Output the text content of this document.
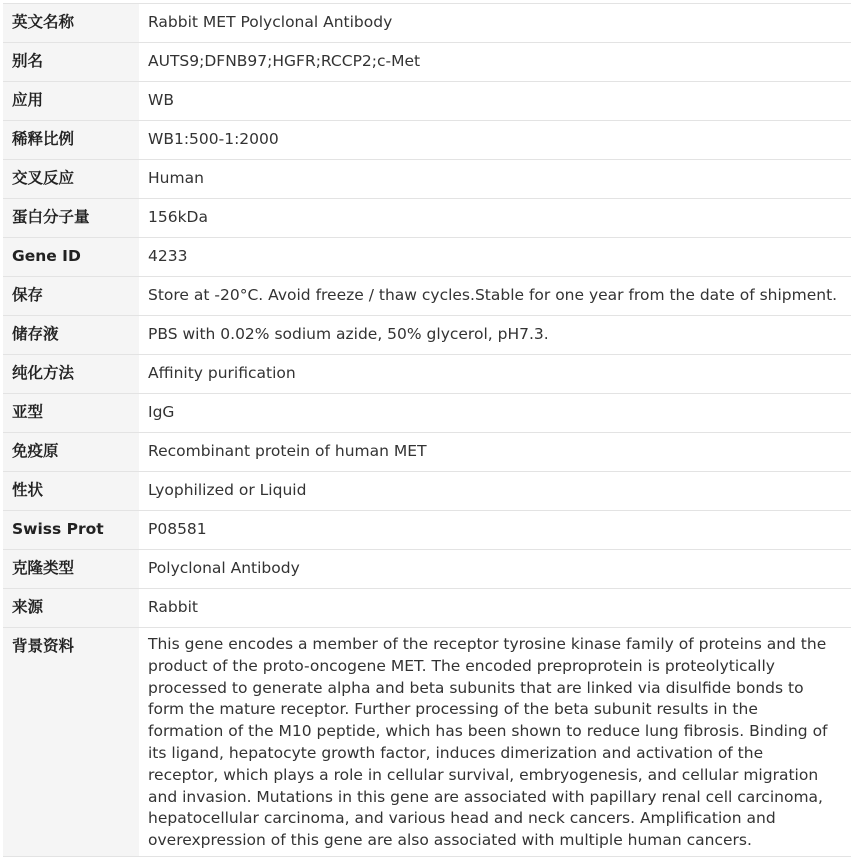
英文名称	Rabbit MET Polyclonal Antibody
别名	AUTS9;DFNB97;HGFR;RCCP2;c-Met
应用	WB
稀释比例	WB1:500-1:2000
交叉反应	Human
蛋白分子量	156kDa
Gene ID	4233
保存	Store at -20°C. Avoid freeze / thaw cycles.Stable for one year from the date of shipment.
储存液	PBS with 0.02% sodium azide, 50% glycerol, pH7.3.
纯化方法	Affinity purification
亚型	IgG
免疫原	Recombinant protein of human MET
性状	Lyophilized or Liquid
Swiss Prot	P08581
克隆类型	Polyclonal Antibody
来源	Rabbit
背景资料	This gene encodes a member of the receptor tyrosine kinase family of proteins and the product of the proto-oncogene MET. The encoded preproprotein is proteolytically processed to generate alpha and beta subunits that are linked via disulfide bonds to form the mature receptor. Further processing of the beta subunit results in the formation of the M10 peptide, which has been shown to reduce lung fibrosis. Binding of its ligand, hepatocyte growth factor, induces dimerization and activation of the receptor, which plays a role in cellular survival, embryogenesis, and cellular migration and invasion. Mutations in this gene are associated with papillary renal cell carcinoma, hepatocellular carcinoma, and various head and neck cancers. Amplification and overexpression of this gene are also associated with multiple human cancers.
